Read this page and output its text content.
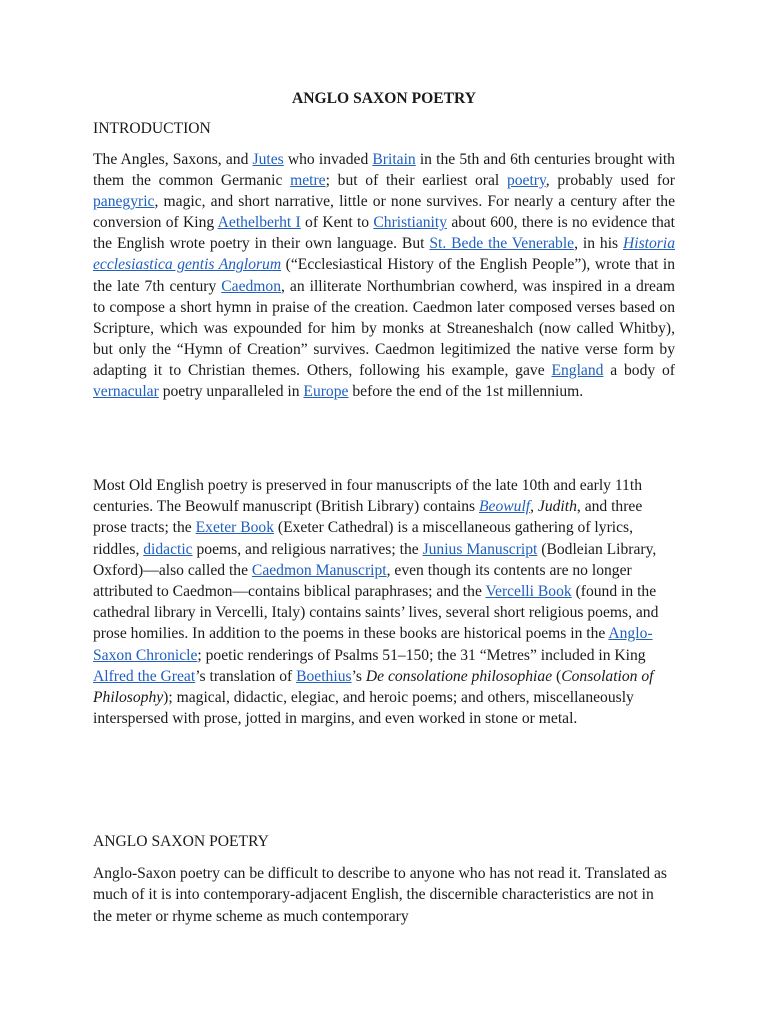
ANGLO SAXON POETRY
INTRODUCTION
The Angles, Saxons, and Jutes who invaded Britain in the 5th and 6th centuries brought with them the common Germanic metre; but of their earliest oral poetry, probably used for panegyric, magic, and short narrative, little or none survives. For nearly a century after the conversion of King Aethelberht I of Kent to Christianity about 600, there is no evidence that the English wrote poetry in their own language. But St. Bede the Venerable, in his Historia ecclesiastica gentis Anglorum (“Ecclesiastical History of the English People”), wrote that in the late 7th century Caedmon, an illiterate Northumbrian cowherd, was inspired in a dream to compose a short hymn in praise of the creation. Caedmon later composed verses based on Scripture, which was expounded for him by monks at Streaneshalch (now called Whitby), but only the “Hymn of Creation” survives. Caedmon legitimized the native verse form by adapting it to Christian themes. Others, following his example, gave England a body of vernacular poetry unparalleled in Europe before the end of the 1st millennium.
Most Old English poetry is preserved in four manuscripts of the late 10th and early 11th centuries. The Beowulf manuscript (British Library) contains Beowulf, Judith, and three prose tracts; the Exeter Book (Exeter Cathedral) is a miscellaneous gathering of lyrics, riddles, didactic poems, and religious narratives; the Junius Manuscript (Bodleian Library, Oxford)—also called the Caedmon Manuscript, even though its contents are no longer attributed to Caedmon—contains biblical paraphrases; and the Vercelli Book (found in the cathedral library in Vercelli, Italy) contains saints’ lives, several short religious poems, and prose homilies. In addition to the poems in these books are historical poems in the Anglo-Saxon Chronicle; poetic renderings of Psalms 51–150; the 31 “Metres” included in King Alfred the Great’s translation of Boethius’s De consolatione philosophiae (Consolation of Philosophy); magical, didactic, elegiac, and heroic poems; and others, miscellaneously interspersed with prose, jotted in margins, and even worked in stone or metal.
ANGLO SAXON POETRY
Anglo-Saxon poetry can be difficult to describe to anyone who has not read it. Translated as much of it is into contemporary-adjacent English, the discernible characteristics are not in the meter or rhyme scheme as much contemporary
